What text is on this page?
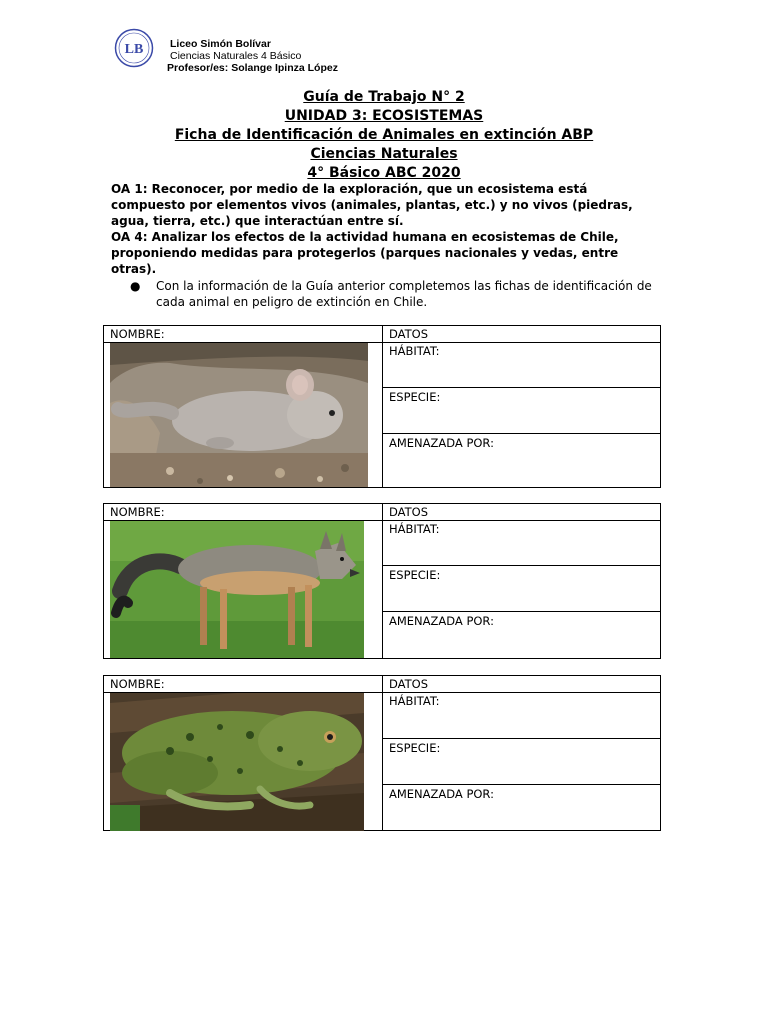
LB	Liceo Simón Bolívar
Ciencias Naturales 4 Básico
Profesor/es: Solange Ipinza López
Guía de Trabajo N° 2
UNIDAD 3: ECOSISTEMAS
Ficha de Identificación de Animales en extinción ABP
Ciencias Naturales
4° Básico ABC 2020

OA 1: Reconocer, por medio de la exploración, que un ecosistema está compuesto por elementos vivos (animales, plantas, etc.) y no vivos (piedras, agua, tierra, etc.) que interactúan entre sí.

OA 4: Analizar los efectos de la actividad humana en ecosistemas de Chile, proponiendo medidas para protegerlos (parques nacionales y vedas, entre otras).

● Con la información de la Guía anterior completemos las fichas de identificación de cada animal en peligro de extinción en Chile.
NOMBRE:	DATOS
HÁBITAT:
ESPECIE:
AMENAZADA POR:
NOMBRE:	DATOS
HÁBITAT:
ESPECIE:
AMENAZADA POR:
NOMBRE:	DATOS
HÁBITAT:
ESPECIE:
AMENAZADA POR:
